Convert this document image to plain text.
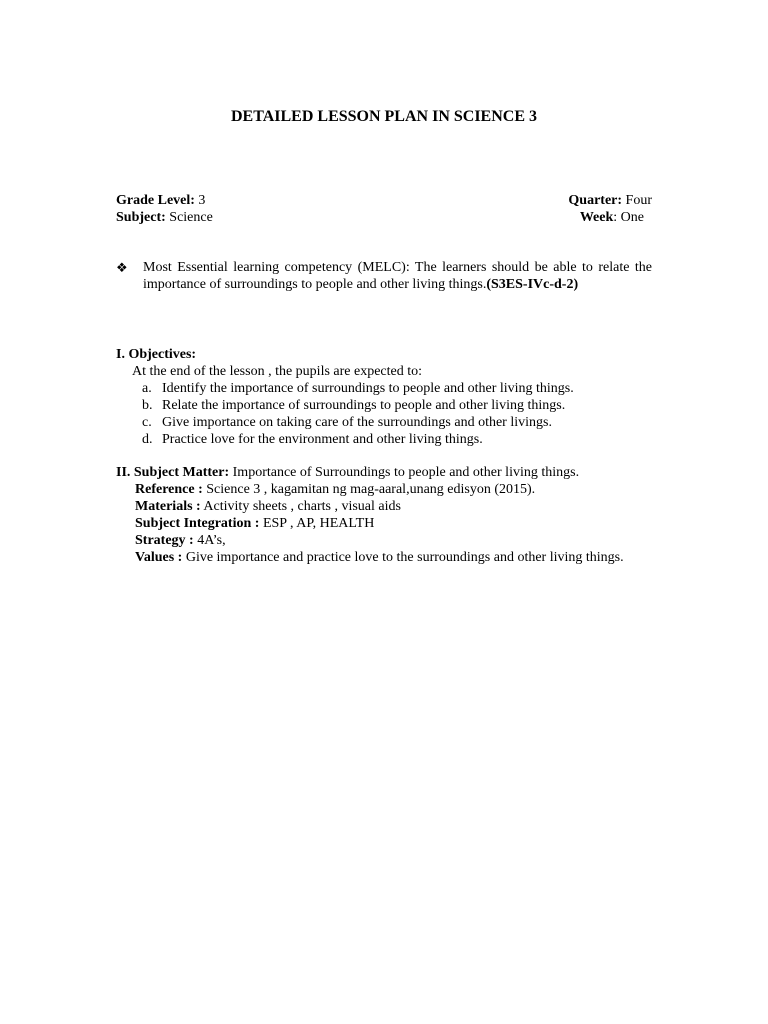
DETAILED LESSON PLAN IN SCIENCE 3
Grade Level: 3	Quarter: Four
Subject: Science	Week: One
❖ Most Essential learning competency (MELC): The learners should be able to relate the importance of surroundings to people and other living things.(S3ES-IVc-d-2)
I. Objectives:
At the end of the lesson , the pupils are expected to:
a. Identify the importance of surroundings to people and other living things.
b. Relate the importance of surroundings to people and other living things.
c. Give importance on taking care of the surroundings and other livings.
d. Practice love for the environment and other living things.
II. Subject Matter: Importance of Surroundings to people and other living things.
Reference : Science 3 , kagamitan ng mag-aaral,unang edisyon (2015).
Materials : Activity sheets , charts , visual aids
Subject Integration : ESP , AP, HEALTH
Strategy : 4A’s,
Values : Give importance and practice love to the surroundings and other living things.
